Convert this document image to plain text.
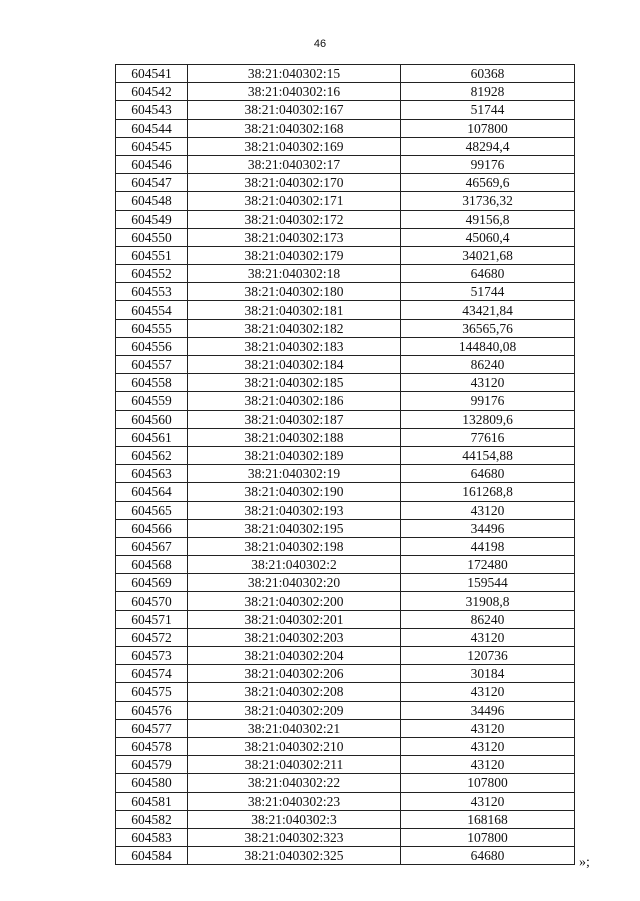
46
604541	38:21:040302:15	60368
604542	38:21:040302:16	81928
604543	38:21:040302:167	51744
604544	38:21:040302:168	107800
604545	38:21:040302:169	48294,4
604546	38:21:040302:17	99176
604547	38:21:040302:170	46569,6
604548	38:21:040302:171	31736,32
604549	38:21:040302:172	49156,8
604550	38:21:040302:173	45060,4
604551	38:21:040302:179	34021,68
604552	38:21:040302:18	64680
604553	38:21:040302:180	51744
604554	38:21:040302:181	43421,84
604555	38:21:040302:182	36565,76
604556	38:21:040302:183	144840,08
604557	38:21:040302:184	86240
604558	38:21:040302:185	43120
604559	38:21:040302:186	99176
604560	38:21:040302:187	132809,6
604561	38:21:040302:188	77616
604562	38:21:040302:189	44154,88
604563	38:21:040302:19	64680
604564	38:21:040302:190	161268,8
604565	38:21:040302:193	43120
604566	38:21:040302:195	34496
604567	38:21:040302:198	44198
604568	38:21:040302:2	172480
604569	38:21:040302:20	159544
604570	38:21:040302:200	31908,8
604571	38:21:040302:201	86240
604572	38:21:040302:203	43120
604573	38:21:040302:204	120736
604574	38:21:040302:206	30184
604575	38:21:040302:208	43120
604576	38:21:040302:209	34496
604577	38:21:040302:21	43120
604578	38:21:040302:210	43120
604579	38:21:040302:211	43120
604580	38:21:040302:22	107800
604581	38:21:040302:23	43120
604582	38:21:040302:3	168168
604583	38:21:040302:323	107800
604584	38:21:040302:325	64680	»;
